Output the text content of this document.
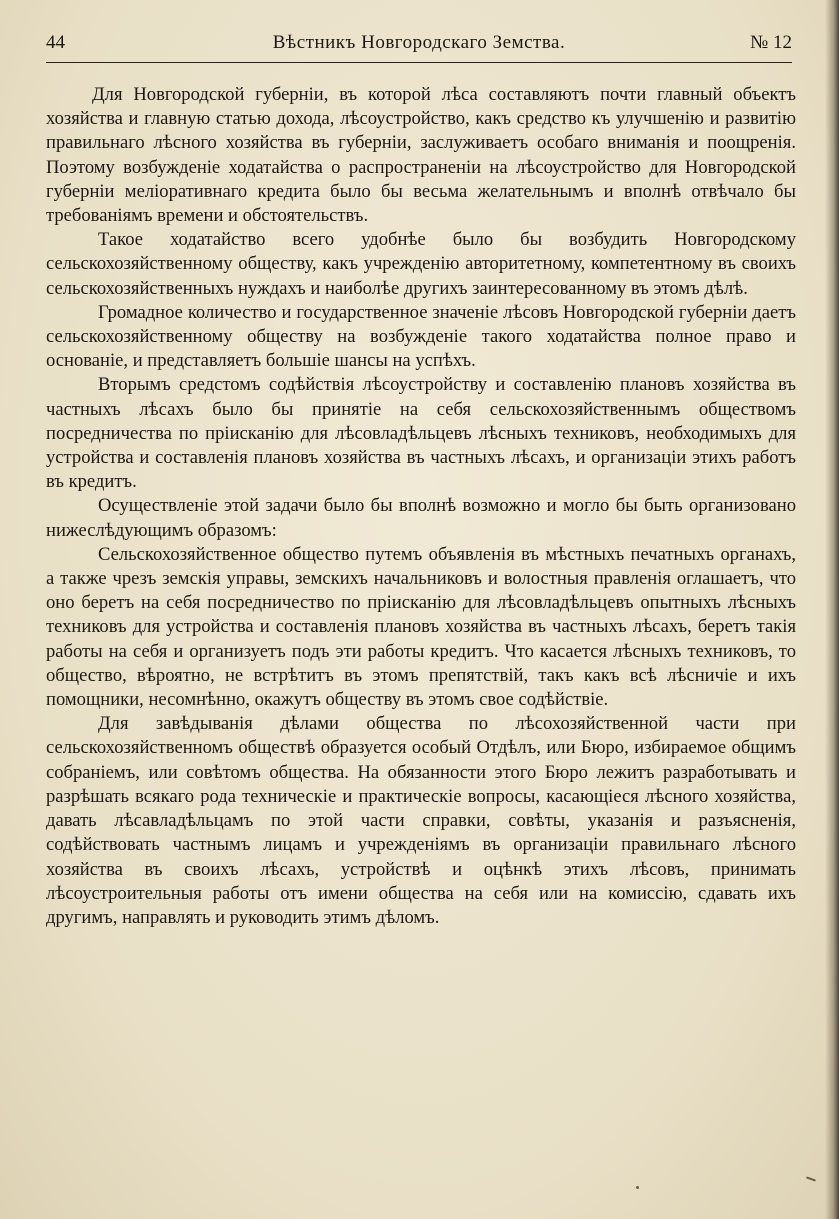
44	Вѣстникъ Новгородскаго Земства.	№ 12

Для Новгородской губерніи, въ которой лѣса составляютъ почти главный объектъ хозяйства и главную статью дохода, лѣсоустройство, какъ средство къ улучшенію и развитію правильнаго лѣсного хозяйства въ губерніи, заслуживаетъ особаго вниманія и поощренія. Поэтому возбужденіе ходатайства о распространеніи на лѣсоустройство для Новгородской губерніи меліоративнаго кредита было бы весьма желательнымъ и вполнѣ отвѣчало бы требованіямъ времени и обстоятельствъ.

Такое ходатайство всего удобнѣе было бы возбудить Новгородскому сельскохозяйственному обществу, какъ учрежденію авторитетному, компетентному въ своихъ сельскохозяйственныхъ нуждахъ и наиболѣе другихъ заинтересованному въ этомъ дѣлѣ.

Громадное количество и государственное значеніе лѣсовъ Новгородской губерніи даетъ сельскохозяйственному обществу на возбужденіе такого ходатайства полное право и основаніе, и представляетъ большіе шансы на успѣхъ.

Вторымъ средстомъ содѣйствія лѣсоустройству и составленію плановъ хозяйства въ частныхъ лѣсахъ было бы принятіе на себя сельскохозяйственнымъ обществомъ посредничества по пріисканію для лѣсовладѣльцевъ лѣсныхъ техниковъ, необходимыхъ для устройства и составленія плановъ хозяйства въ частныхъ лѣсахъ, и организаціи этихъ работъ въ кредитъ.

Осуществленіе этой задачи было бы вполнѣ возможно и могло бы быть организовано нижеслѣдующимъ образомъ:

Сельскохозяйственное общество путемъ объявленія въ мѣстныхъ печатныхъ органахъ, а также чрезъ земскія управы, земскихъ начальниковъ и волостныя правленія оглашаетъ, что оно беретъ на себя посредничество по пріисканію для лѣсовладѣльцевъ опытныхъ лѣсныхъ техниковъ для устройства и составленія плановъ хозяйства въ частныхъ лѣсахъ, беретъ такія работы на себя и организуетъ подъ эти работы кредитъ. Что касается лѣсныхъ техниковъ, то общество, вѣроятно, не встрѣтитъ въ этомъ препятствій, такъ какъ всѣ лѣсничіе и ихъ помощники, несомнѣнно, окажутъ обществу въ этомъ свое содѣйствіе.

Для завѣдыванія дѣлами общества по лѣсохозяйственной части при сельскохозяйственномъ обществѣ образуется особый Отдѣлъ, или Бюро, избираемое общимъ собраніемъ, или совѣтомъ общества. На обязанности этого Бюро лежитъ разработывать и разрѣшать всякаго рода техническіе и практическіе вопросы, касающіеся лѣсного хозяйства, давать лѣсавладѣльцамъ по этой части справки, совѣты, указанія и разъясненія, содѣйствовать частнымъ лицамъ и учрежденіямъ въ организаціи правильнаго лѣсного хозяйства въ своихъ лѣсахъ, устройствѣ и оцѣнкѣ этихъ лѣсовъ, принимать лѣсоустроительныя работы отъ имени общества на себя или на комиссію, сдавать ихъ другимъ, направлять и руководить этимъ дѣломъ.
